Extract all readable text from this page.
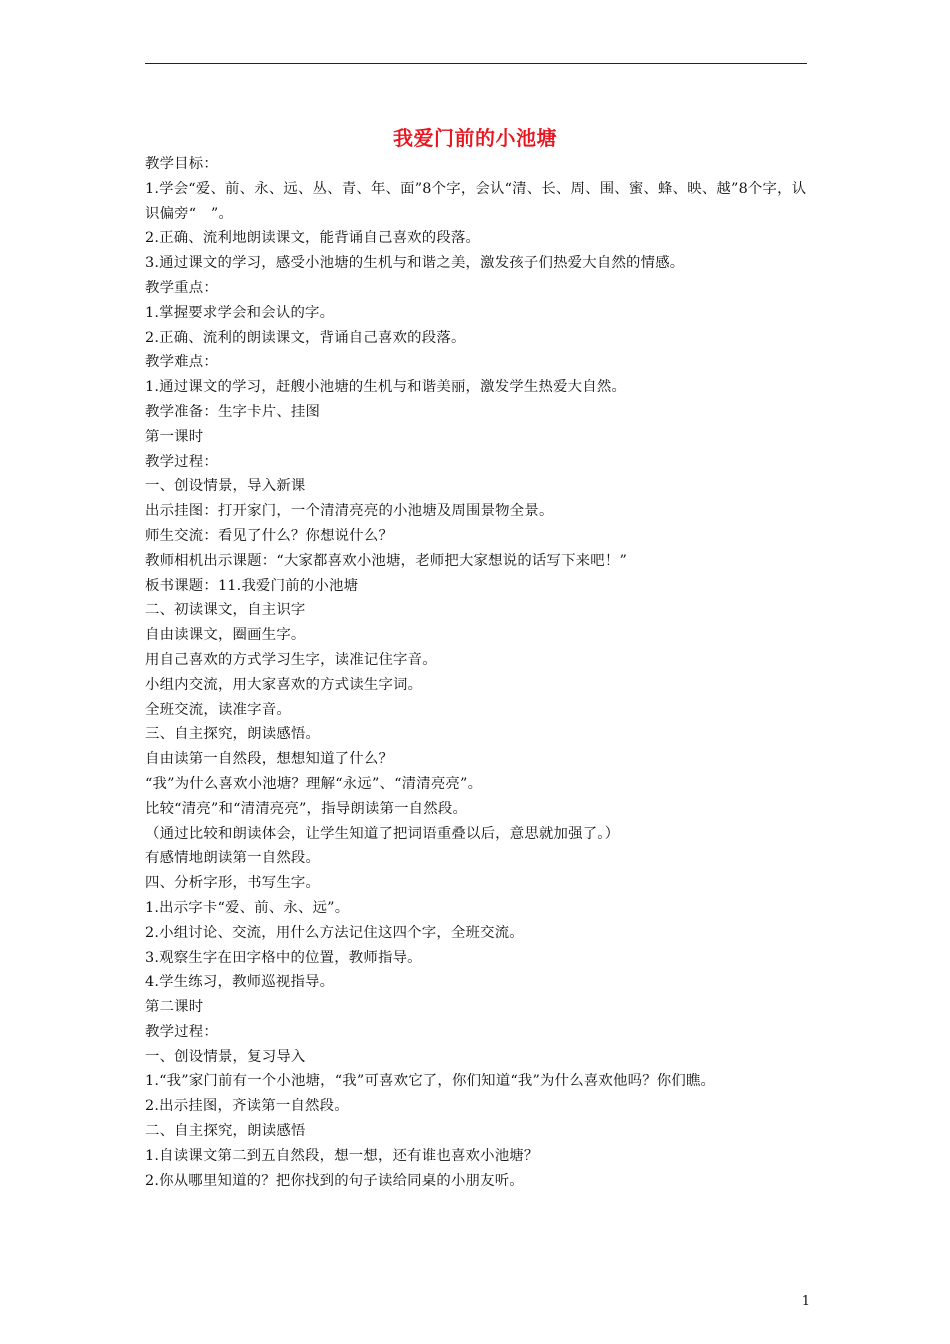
我爱门前的小池塘

教学目标：

1.学会“爱、前、永、远、丛、青、年、面”8个字，会认“清、长、周、围、蜜、蜂、映、越”8个字，认识偏旁“　”。

2.正确、流利地朗读课文，能背诵自己喜欢的段落。

3.通过课文的学习，感受小池塘的生机与和谐之美，激发孩子们热爱大自然的情感。

教学重点：

1.掌握要求学会和会认的字。

2.正确、流利的朗读课文，背诵自己喜欢的段落。

教学难点：

1.通过课文的学习，赶艘小池塘的生机与和谐美丽，激发学生热爱大自然。

教学准备：生字卡片、挂图

第一课时

教学过程：

一、创设情景，导入新课

出示挂图：打开家门，一个清清亮亮的小池塘及周围景物全景。

师生交流：看见了什么？你想说什么？

教师相机出示课题：“大家都喜欢小池塘，老师把大家想说的话写下来吧！”

板书课题：11.我爱门前的小池塘

二、初读课文，自主识字

自由读课文，圈画生字。

用自己喜欢的方式学习生字，读准记住字音。

小组内交流，用大家喜欢的方式读生字词。

全班交流，读准字音。

三、自主探究，朗读感悟。

自由读第一自然段，想想知道了什么？

“我”为什么喜欢小池塘？理解“永远”、“清清亮亮”。

比较“清亮”和“清清亮亮”，指导朗读第一自然段。

（通过比较和朗读体会，让学生知道了把词语重叠以后，意思就加强了。）

有感情地朗读第一自然段。

四、分析字形，书写生字。

1.出示字卡“爱、前、永、远”。

2.小组讨论、交流，用什么方法记住这四个字，全班交流。

3.观察生字在田字格中的位置，教师指导。

4.学生练习，教师巡视指导。

第二课时

教学过程：

一、创设情景，复习导入

1.“我”家门前有一个小池塘，“我”可喜欢它了，你们知道“我”为什么喜欢他吗？你们瞧。

2.出示挂图，齐读第一自然段。

二、自主探究，朗读感悟

1.自读课文第二到五自然段，想一想，还有谁也喜欢小池塘？

2.你从哪里知道的？把你找到的句子读给同桌的小朋友听。

1
